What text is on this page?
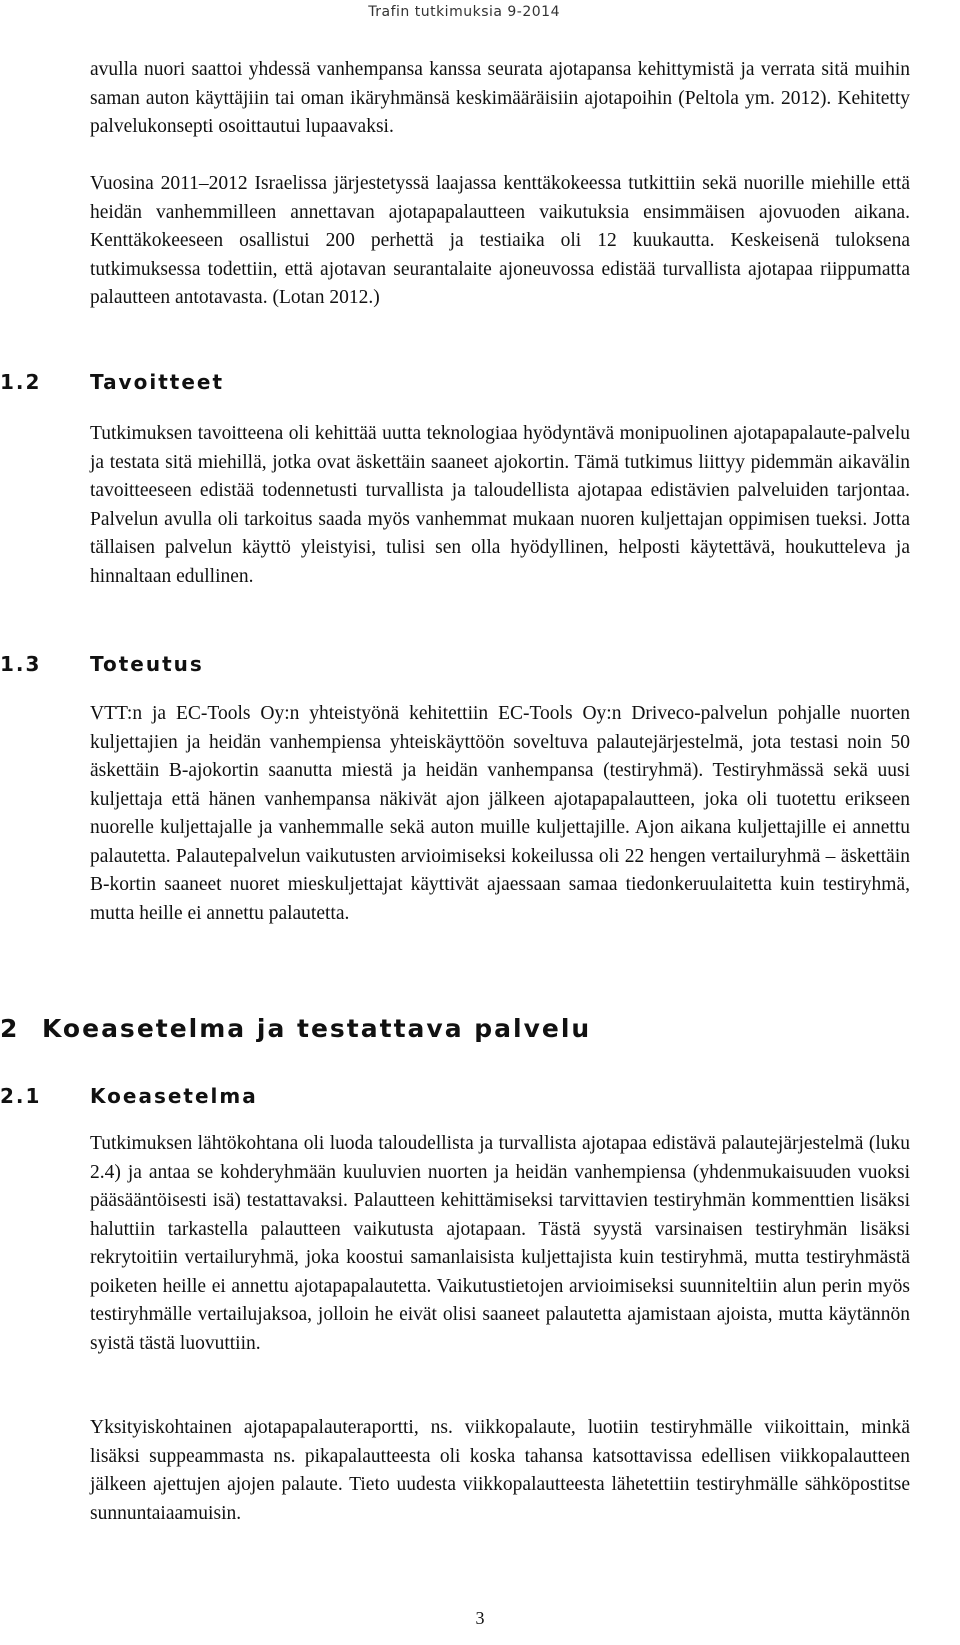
Trafin tutkimuksia 9-2014

avulla nuori saattoi yhdessä vanhempansa kanssa seurata ajotapansa kehittymistä ja verrata sitä muihin saman auton käyttäjiin tai oman ikäryhmänsä keskimääräisiin ajotapoihin (Peltola ym. 2012). Kehitetty palvelukonsepti osoittautui lupaavaksi.

Vuosina 2011–2012 Israelissa järjestetyssä laajassa kenttäkokeessa tutkittiin sekä nuorille miehille että heidän vanhemmilleen annettavan ajotapapalautteen vaikutuksia ensimmäisen ajovuoden aikana. Kenttäkokeeseen osallistui 200 perhettä ja testiaika oli 12 kuukautta. Keskeisenä tuloksena tutkimuksessa todettiin, että ajotavan seurantalaite ajoneuvossa edistää turvallista ajotapaa riippumatta palautteen antotavasta. (Lotan 2012.)

1.2 Tavoitteet

Tutkimuksen tavoitteena oli kehittää uutta teknologiaa hyödyntävä monipuolinen ajotapapalaute-palvelu ja testata sitä miehillä, jotka ovat äskettäin saaneet ajokortin. Tämä tutkimus liittyy pidemmän aikavälin tavoitteeseen edistää todennetusti turvallista ja taloudellista ajotapaa edistävien palveluiden tarjontaa. Palvelun avulla oli tarkoitus saada myös vanhemmat mukaan nuoren kuljettajan oppimisen tueksi. Jotta tällaisen palvelun käyttö yleistyisi, tulisi sen olla hyödyllinen, helposti käytettävä, houkutteleva ja hinnaltaan edullinen.

1.3 Toteutus

VTT:n ja EC-Tools Oy:n yhteistyönä kehitettiin EC-Tools Oy:n Driveco-palvelun pohjalle nuorten kuljettajien ja heidän vanhempiensa yhteiskäyttöön soveltuva palautejärjestelmä, jota testasi noin 50 äskettäin B-ajokortin saanutta miestä ja heidän vanhempansa (testiryhmä). Testiryhmässä sekä uusi kuljettaja että hänen vanhempansa näkivät ajon jälkeen ajotapapalautteen, joka oli tuotettu erikseen nuorelle kuljettajalle ja vanhemmalle sekä auton muille kuljettajille. Ajon aikana kuljettajille ei annettu palautetta. Palautepalvelun vaikutusten arvioimiseksi kokeilussa oli 22 hengen vertailuryhmä – äskettäin B-kortin saaneet nuoret mieskuljettajat käyttivät ajaessaan samaa tiedonkeruulaitetta kuin testiryhmä, mutta heille ei annettu palautetta.

2 Koeasetelma ja testattava palvelu
2.1 Koeasetelma

Tutkimuksen lähtökohtana oli luoda taloudellista ja turvallista ajotapaa edistävä palautejärjestelmä (luku 2.4) ja antaa se kohderyhmään kuuluvien nuorten ja heidän vanhempiensa (yhdenmukaisuuden vuoksi pääsääntöisesti isä) testattavaksi. Palautteen kehittämiseksi tarvittavien testiryhmän kommenttien lisäksi haluttiin tarkastella palautteen vaikutusta ajotapaan. Tästä syystä varsinaisen testiryhmän lisäksi rekrytoitiin vertailuryhmä, joka koostui samanlaisista kuljettajista kuin testiryhmä, mutta testiryhmästä poiketen heille ei annettu ajotapapalautetta. Vaikutustietojen arvioimiseksi suunniteltiin alun perin myös testiryhmälle vertailujaksoa, jolloin he eivät olisi saaneet palautetta ajamistaan ajoista, mutta käytännön syistä tästä luovuttiin.

Yksityiskohtainen ajotapapalauteraportti, ns. viikkopalaute, luotiin testiryhmälle viikoittain, minkä lisäksi suppeammasta ns. pikapalautteesta oli koska tahansa katsottavissa edellisen viikkopalautteen jälkeen ajettujen ajojen palaute. Tieto uudesta viikkopalautteesta lähetettiin testiryhmälle sähköpostitse sunnuntaiaamuisin.

3
